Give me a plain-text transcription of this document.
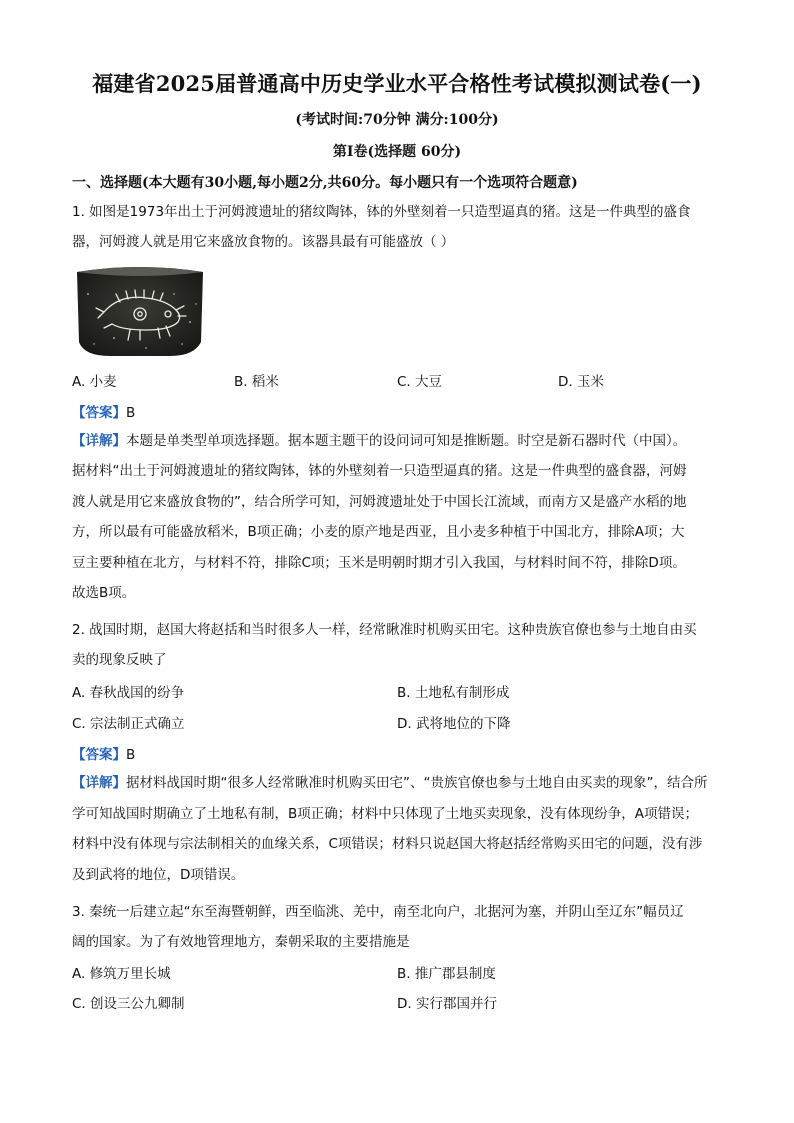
福建省2025届普通高中历史学业水平合格性考试模拟测试卷(一)
(考试时间:70分钟 满分:100分)
第Ⅰ卷(选择题 60分)
一、选择题(本大题有30小题,每小题2分,共60分。每小题只有一个选项符合题意)
1. 如图是1973年出土于河姆渡遗址的猪纹陶钵，钵的外壁刻着一只造型逼真的猪。这是一件典型的盛食
器，河姆渡人就是用它来盛放食物的。该器具最有可能盛放（ ）
A. 小麦	B. 稻米	C. 大豆	D. 玉米
【答案】B
【详解】本题是单类型单项选择题。据本题主题干的设问词可知是推断题。时空是新石器时代（中国）。
据材料“出土于河姆渡遗址的猪纹陶钵，钵的外壁刻着一只造型逼真的猪。这是一件典型的盛食器，河姆
渡人就是用它来盛放食物的”，结合所学可知，河姆渡遗址处于中国长江流域，而南方又是盛产水稻的地
方，所以最有可能盛放稻米，B项正确；小麦的原产地是西亚，且小麦多种植于中国北方，排除A项；大
豆主要种植在北方，与材料不符，排除C项；玉米是明朝时期才引入我国，与材料时间不符，排除D项。
故选B项。
2. 战国时期，赵国大将赵括和当时很多人一样，经常瞅准时机购买田宅。这种贵族官僚也参与土地自由买
卖的现象反映了
A. 春秋战国的纷争	B. 土地私有制形成
C. 宗法制正式确立	D. 武将地位的下降
【答案】B
【详解】据材料战国时期“很多人经常瞅准时机购买田宅”、“贵族官僚也参与土地自由买卖的现象”，结合所
学可知战国时期确立了土地私有制，B项正确；材料中只体现了土地买卖现象，没有体现纷争，A项错误；
材料中没有体现与宗法制相关的血缘关系，C项错误；材料只说赵国大将赵括经常购买田宅的问题，没有涉
及到武将的地位，D项错误。
3. 秦统一后建立起“东至海暨朝鲜，西至临洮、羌中，南至北向户，北据河为塞，并阴山至辽东”幅员辽
阔的国家。为了有效地管理地方，秦朝采取的主要措施是
A. 修筑万里长城	B. 推广郡县制度
C. 创设三公九卿制	D. 实行郡国并行
